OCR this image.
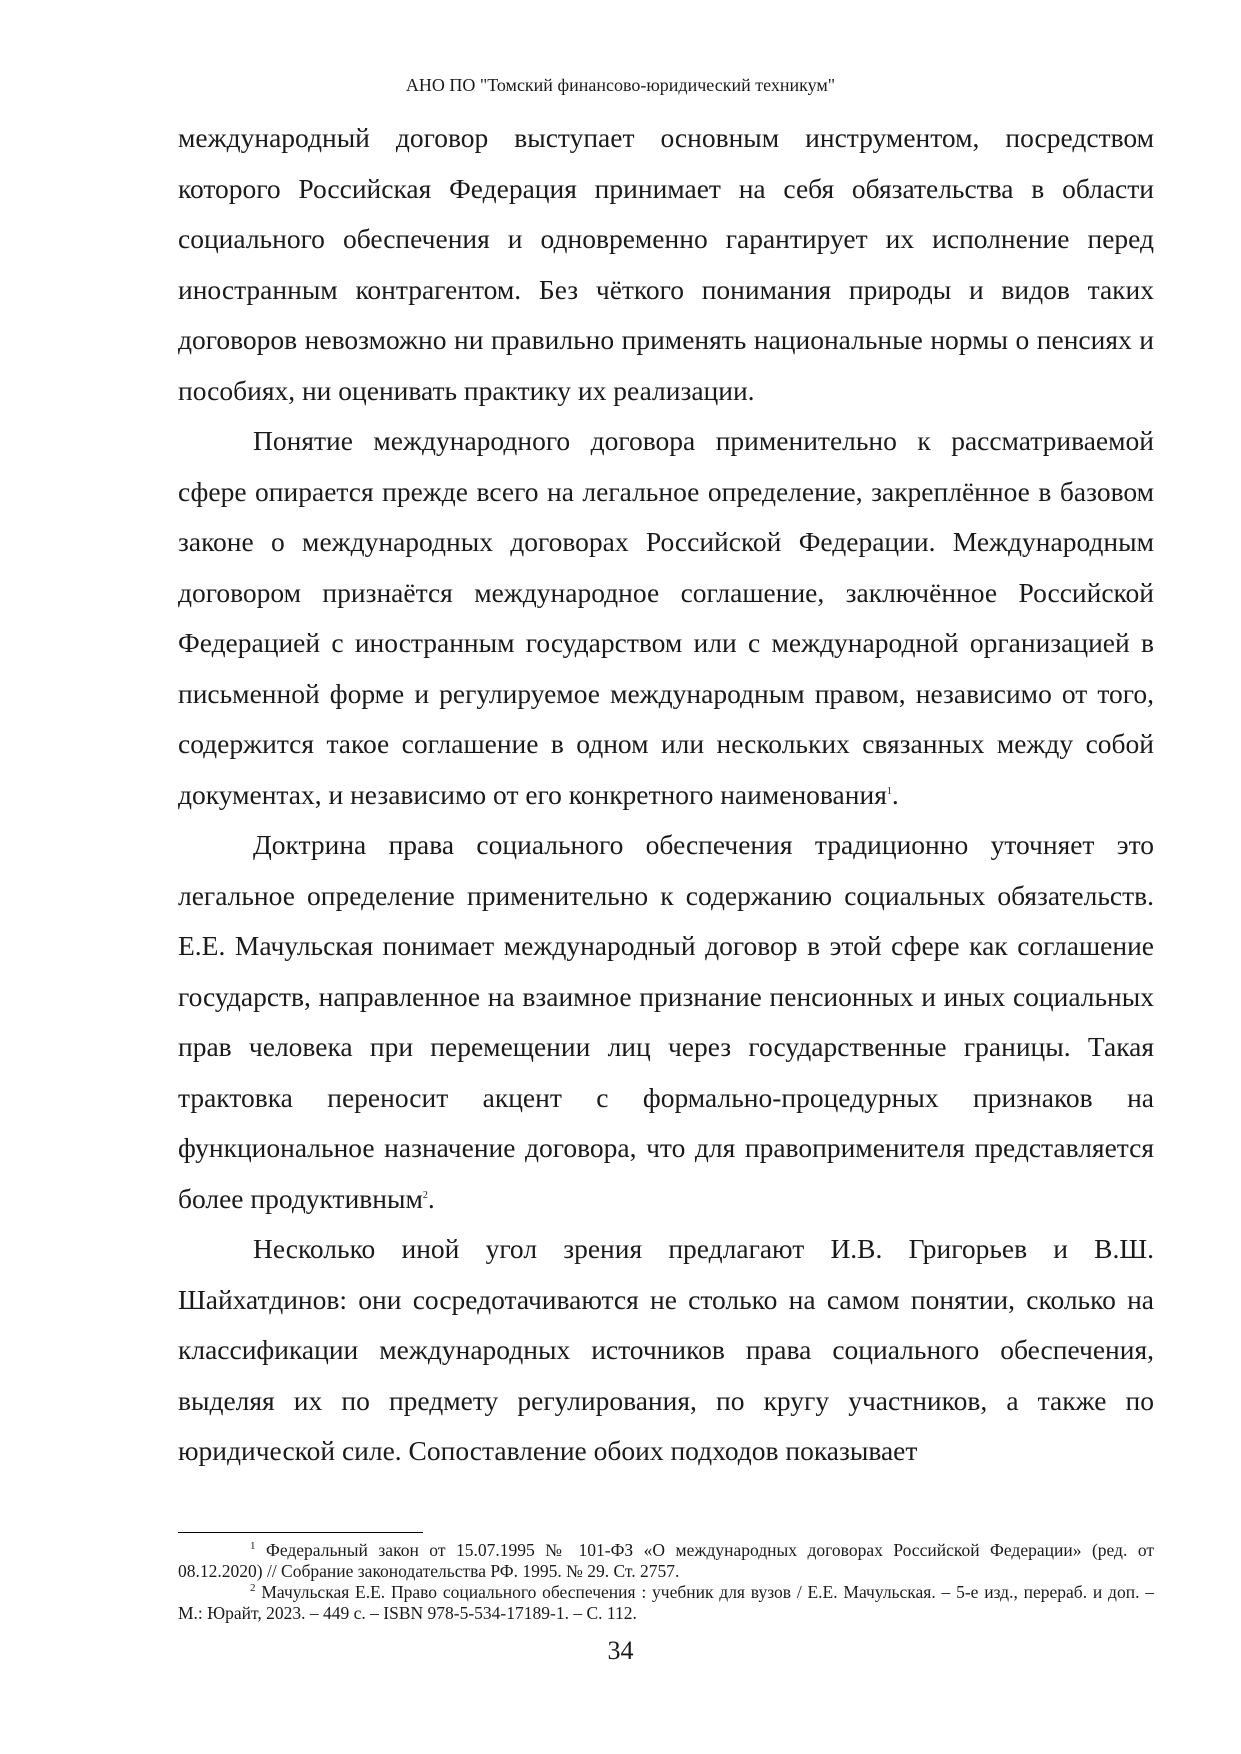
АНО ПО "Томский финансово-юридический техникум"

международный договор выступает основным инструментом, посредством которого Российская Федерация принимает на себя обязательства в области социального обеспечения и одновременно гарантирует их исполнение перед иностранным контрагентом. Без чёткого понимания природы и видов таких договоров невозможно ни правильно применять национальные нормы о пенсиях и пособиях, ни оценивать практику их реализации.

Понятие международного договора применительно к рассматриваемой сфере опирается прежде всего на легальное определение, закреплённое в базовом законе о международных договорах Российской Федерации. Международным договором признаётся международное соглашение, заключённое Российской Федерацией с иностранным государством или с международной организацией в письменной форме и регулируемое международным правом, независимо от того, содержится такое соглашение в одном или нескольких связанных между собой документах, и независимо от его конкретного наименования$^1$.

Доктрина права социального обеспечения традиционно уточняет это легальное определение применительно к содержанию социальных обязательств. Е.Е. Мачульская понимает международный договор в этой сфере как соглашение государств, направленное на взаимное признание пенсионных и иных социальных прав человека при перемещении лиц через государственные границы. Такая трактовка переносит акцент с формально-процедурных признаков на функциональное назначение договора, что для правоприменителя представляется более продуктивным$^2$.

Несколько иной угол зрения предлагают И.В. Григорьев и В.Ш. Шайхатдинов: они сосредотачиваются не столько на самом понятии, сколько на классификации международных источников права социального обеспечения, выделяя их по предмету регулирования, по кругу участников, а также по юридической силе. Сопоставление обоих подходов показывает

$^1$ Федеральный закон от 15.07.1995 № 101-ФЗ «О международных договорах Российской Федерации» (ред. от 08.12.2020) // Собрание законодательства РФ. 1995. № 29. Ст. 2757.

$^2$ Мачульская Е.Е. Право социального обеспечения : учебник для вузов / Е.Е. Мачульская. – 5-е изд., перераб. и доп. – М.: Юрайт, 2023. – 449 с. – ISBN 978-5-534-17189-1. – С. 112.

34
